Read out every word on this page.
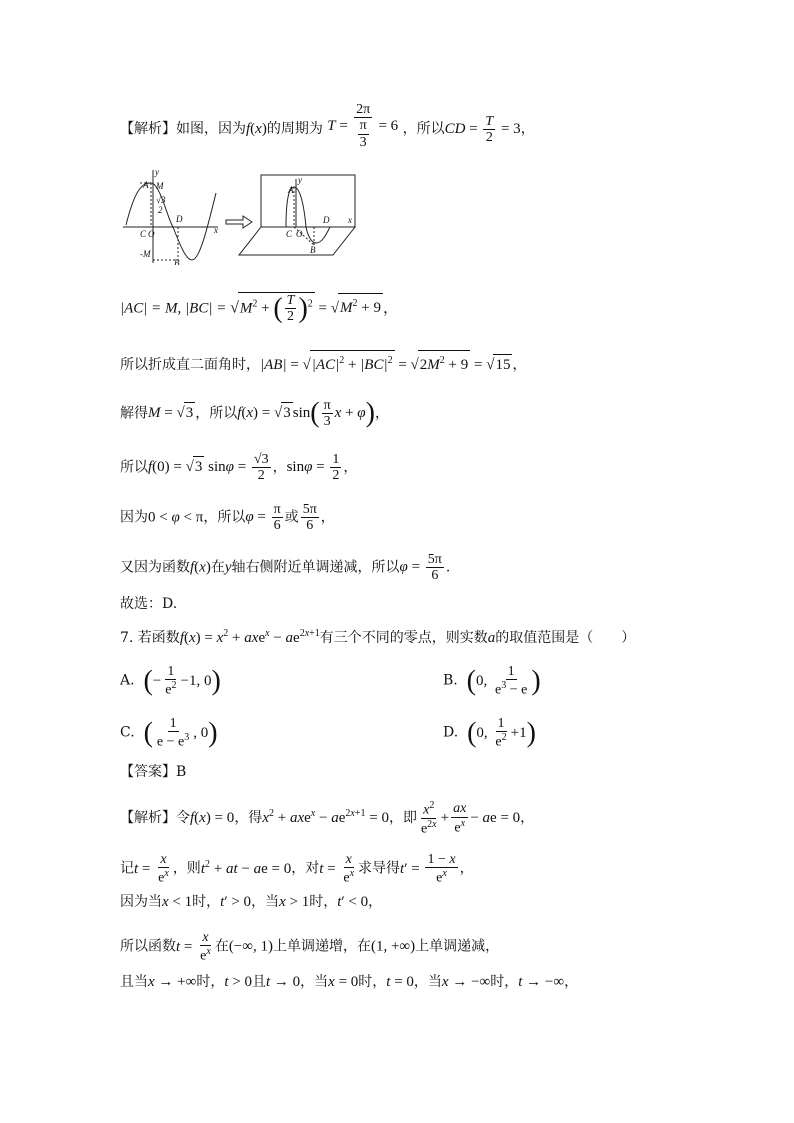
【解析】如图，因为f(x)的周期为 T =
2π
$\frac{\pi}{3} = 6$ ，所以CD = $\frac{T}{2} = 3$，
y
A M
√3
2
D
x
C O
-M
B
y
A
D x
C O
B
|AC| = M, $|BC| = √M^2$ + ( $\frac{T}{2} )^2 = √M^2 + 9$ ，
所以折成直二面角时，$|AB| = √|AC|^2 + |BC|^2 = √2M^2 + 9 = √15$ ，
解得M = √3 ，所以f(x) = √3 $\sin( \frac{\pi}{3}$ x + φ)，
所以f(0) = √3 $\sin\varphi = \frac{√3}{2}$ ，$\sin\varphi = \frac{1}{2}$ ，
因为0 < φ < π，所以$\varphi = \frac{\pi}{6}$ 或 $\frac{5\pi}{6}$ ，
又因为函数f(x)在y轴右侧附近单调递减，所以$\varphi = \frac{5\pi}{6}$ .
故选：D.
7. 若函数$f(x) = x^2 + axe^x - ae^{2x+1}$有三个不同的零点，则实数a的取值范围是（　　）
A. (− $\frac{1}{e^2} -1$, 0)	B. (0, $\frac{1}{e^3 - e}$ )
C. ( $\frac{1}{e - e^3}$ , 0)	D. (0, $\frac{1}{e^2} +1$)
【答案】B
【解析】令f(x) = 0，得$x^2 + axe^x - ae^{2x+1} = 0$，即 $\frac{x^2}{e^{2x}} + \frac{ax}{e^x}$ − ae = 0，
记$t = \frac{x}{e^x}$ ，则$t^2$ + at − ae = 0，对$t = \frac{x}{e^x}$ 求导得$t' = \frac{1 - x}{e^x}$ ，
因为当x < 1时，t′ > 0，当x > 1时，t′ < 0，
所以函数$t = \frac{x}{e^x}$ 在(−∞, 1)上单调递增，在(1, +∞)上单调递减，
且当x → +∞时，t > 0且t → 0，当x = 0时，t = 0，当x → −∞时，t → −∞，
